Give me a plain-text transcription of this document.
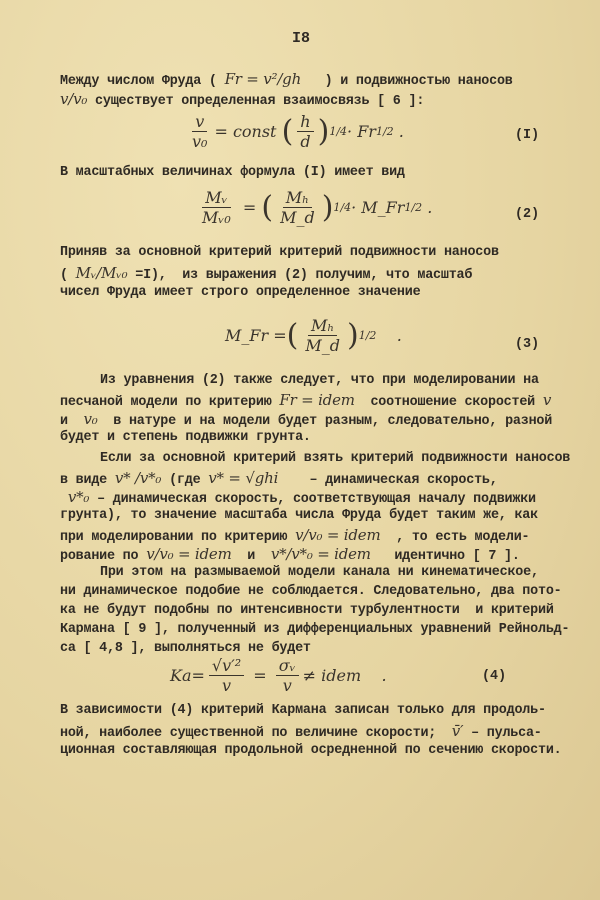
I8
Между числом Фруда ( Fr = v²/gh   ) и подвижностью наносов
v/v₀ существует определенная взаимосвязь [ 6 ]:
$\frac{v}{\text{v₀}}$ = const
( $\frac{h}{d}$ ) 1/4 · Fr 1/2
.	(I)
В масштабных величинах формула (I) имеет вид
$\frac{\text{Mᵥ}}{\text{Mᵥ₀}}$
=
( $\frac{\text{Mₕ}}{M\_d}$ ) 1/4 · M_Fr 1/2
.	(2)
Приняв за основной критерий критерий подвижности наносов
( Mᵥ/Mᵥ₀ =I),  из выражения (2) получим, что масштаб
чисел Фруда имеет строго определенное значение
M_Fr
= ( $\frac{\text{Mₕ}}{M\_d}$ ) 1/2
.	(3)
Из уравнения (2) также следует, что при моделировании на
песчаной модели по критерию Fr = idem  соотношение скоростей v
и  v₀  в натуре и на модели будет разным, следовательно, разной
будет и степень подвижки грунта.
Если за основной критерий взять критерий подвижности наносов
в виде v* /v*₀ (где v* = √ghi    – динамическая скорость,
v*₀ – динамическая скорость, соответствующая началу подвижки
грунта), то значение масштаба числа Фруда будет таким же, как
при моделировании по критерию v/v₀ = idem  , то есть модели-
рование по v/v₀ = idem  и  v*/v*₀ = idem   идентично [ 7 ].
При этом на размываемой модели канала ни кинематическое,
ни динамическое подобие не соблюдается. Следовательно, два пото-
ка не будут подобны по интенсивности турбулентности  и критерий
Кармана [ 9 ], полученный из дифференциальных уравнений Рейнольд-
са [ 4,8 ], выполняться не будет
$Ka = \frac{\text{√v′²}}{v}$
=
$\frac{\text{σᵥ}}{v}$ ≠ idem
.	(4)
В зависимости (4) критерий Кармана записан только для продоль-
ной, наиболее существенной по величине скорости;  v̄′ – пульса-
ционная составляющая продольной осредненной по сечению скорости.
